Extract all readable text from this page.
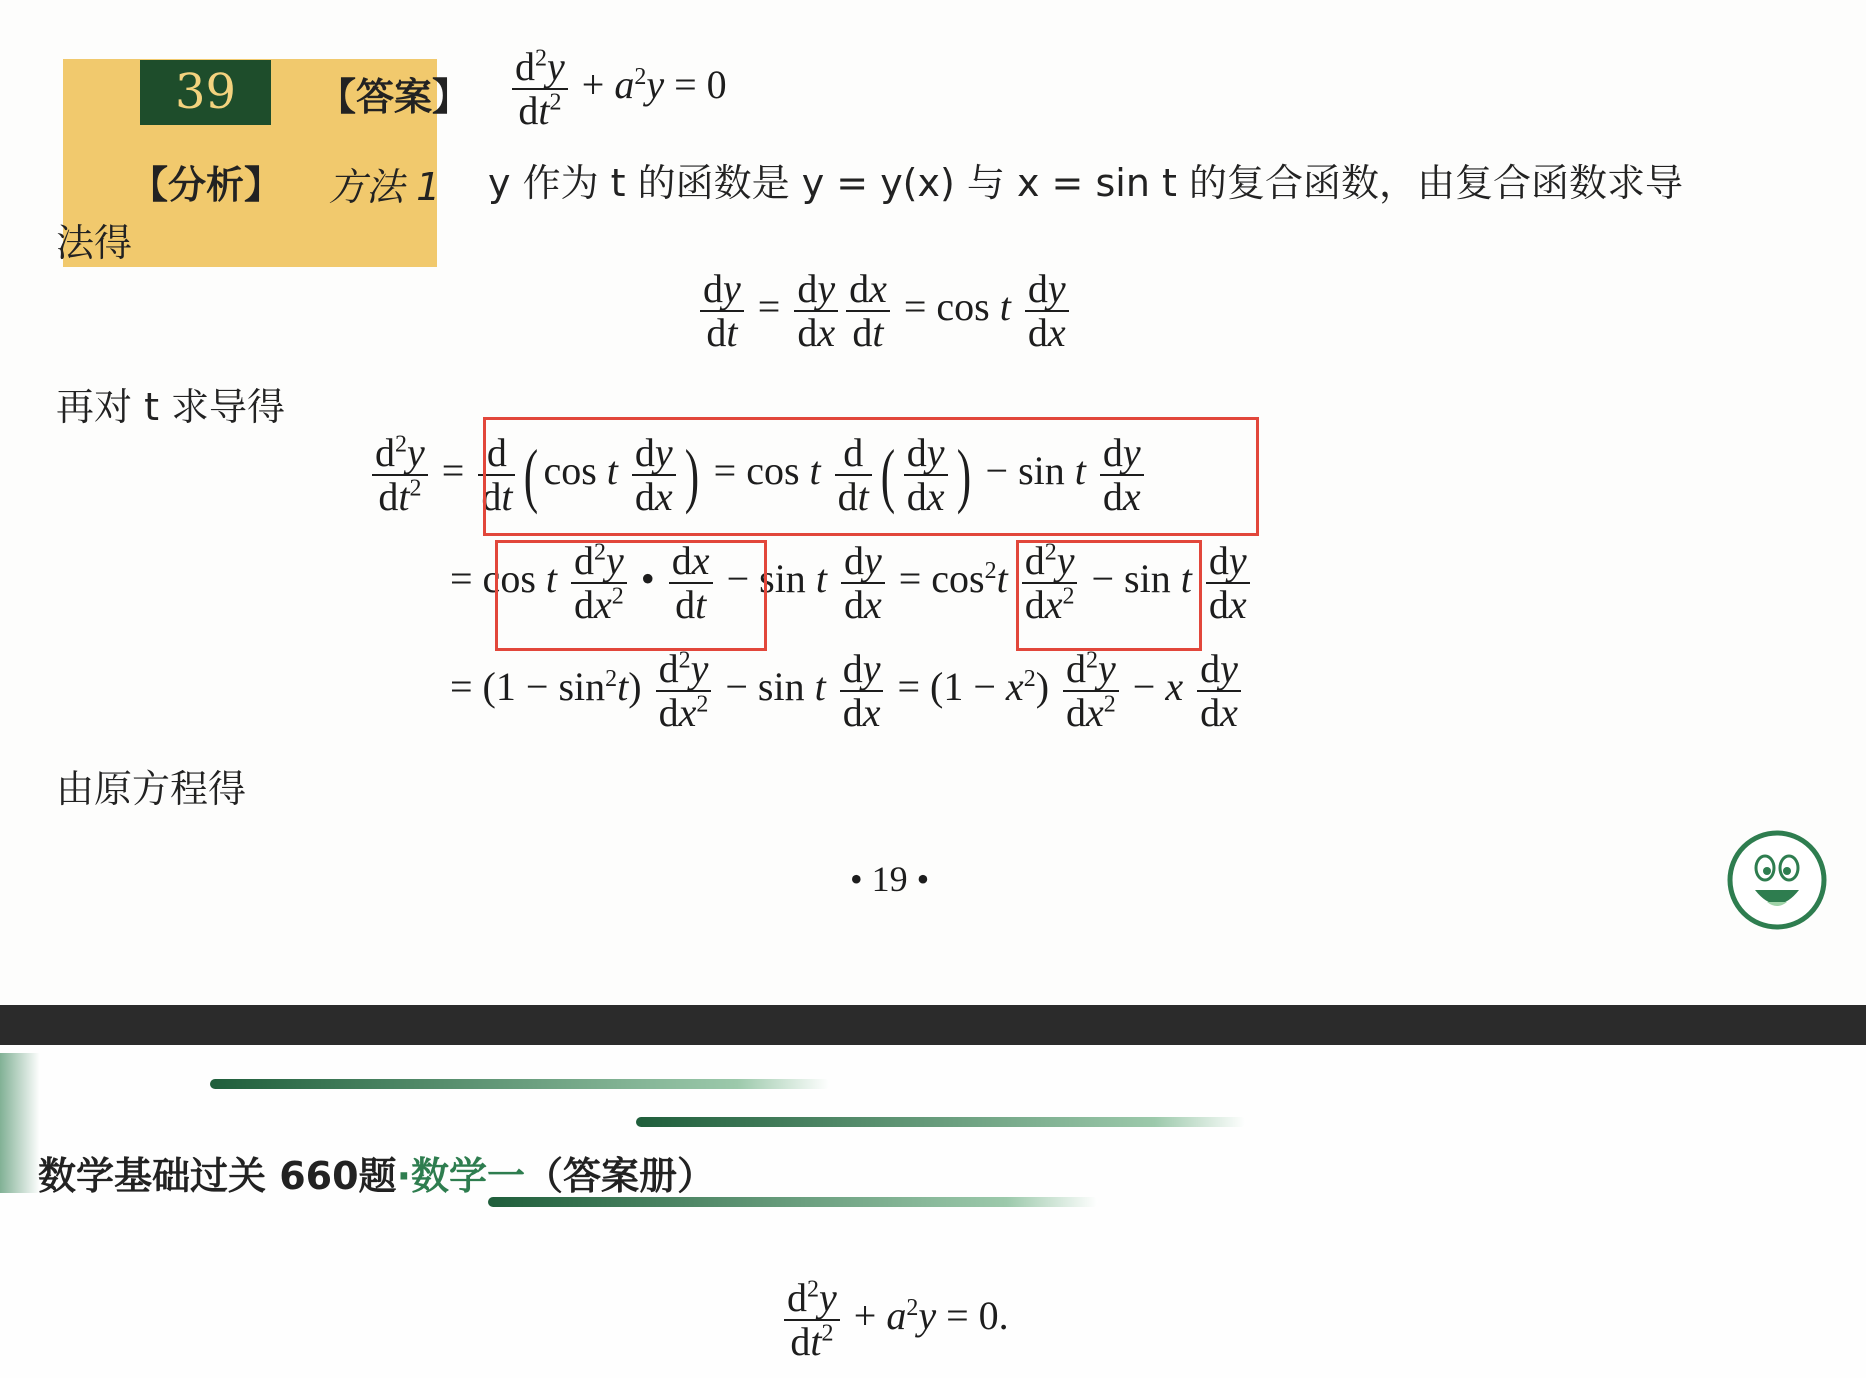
39	【答案】 $\frac{d^2y}{dt^2} + a^2y = 0$
【分析】 方法 1 y 作为 t 的函数是 y = y(x) 与 x = sin t 的复合函数，由复合函数求导
法得
$\frac{dy}{dt} = \frac{dy}{dx} \frac{dx}{dt} = \cos t \frac{dy}{dx}$
再对 t 求导得
$\frac{d^2y}{dt^2} = \frac{d}{dt}$ ( cos t $\frac{dy}{dx}$ ) = cos t $\frac{d}{dt}$ ( $\frac{dy}{dx}$ ) − sin t $\frac{dy}{dx}$
= cos t $\frac{d^2y}{dx^2}$ • $\frac{dx}{dt} - \sin t \frac{dy}{dx} = \cos^2t \frac{d^2y}{dx^2} - \sin t \frac{dy}{dx}$
= $(1 - \sin^2t) \frac{d^2y}{dx^2} - \sin t \frac{dy}{dx} = (1 - x^2) \frac{d^2y}{dx^2} - x \frac{dy}{dx}$
由原方程得
• 19 •
数学基础过关 660题·数学一（答案册）
$\frac{d^2y}{dt^2} + a^2y = 0$.
